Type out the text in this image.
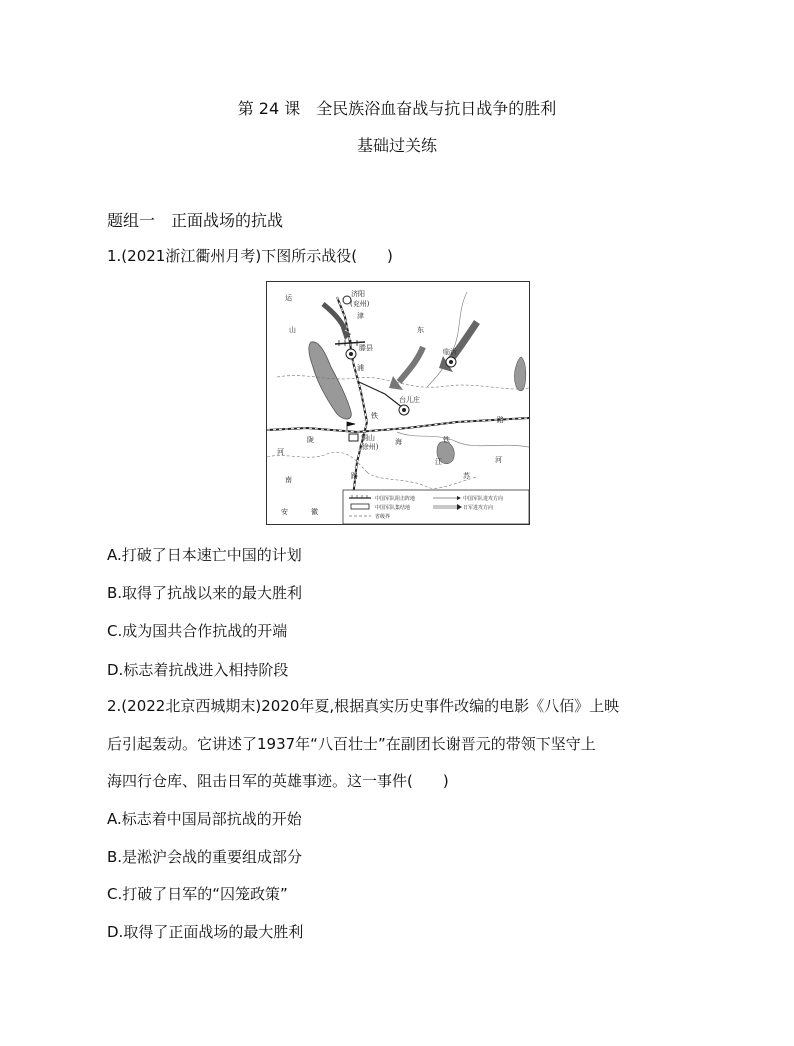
第 24 课　全民族浴血奋战与抗日战争的胜利
基础过关练
题组一　正面战场的抗战
1.(2021浙江衢州月考)下图所示战役(　　)
运	济阳
(兖州)
津
山	东
滕县	临沂
浦
台儿庄
铁	路
陇	铜山
(徐州)
海	铁
河
江	河
路
南	苏
安	徽
中国军队阻击阵地	中国军队进攻方向
中国军队集结地	日军进攻方向
省级界
A.打破了日本速亡中国的计划
B.取得了抗战以来的最大胜利
C.成为国共合作抗战的开端
D.标志着抗战进入相持阶段
2.(2022北京西城期末)2020年夏,根据真实历史事件改编的电影《八佰》上映
后引起轰动。它讲述了1937年“八百壮士”在副团长谢晋元的带领下坚守上
海四行仓库、阻击日军的英雄事迹。这一事件(　　)
A.标志着中国局部抗战的开始
B.是淞沪会战的重要组成部分
C.打破了日军的“囚笼政策”
D.取得了正面战场的最大胜利
